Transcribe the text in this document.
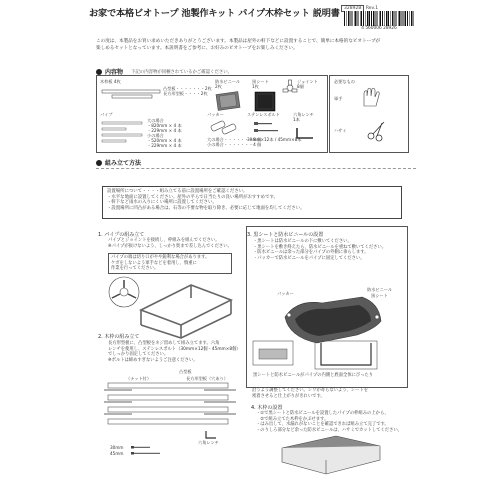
お家で本格ビオトープ 池製作キット パイプ木枠セット 説明書 32892B Rev.1
4 560006 28926
この度は、本製品をお買い求めいただきありがとうございます。本製品は屋外の軒下などに設置することで、簡単に本格的なビオトープが
楽しめるセットとなっています。本説明書をご参考に、お好みのビオトープをお楽しみください。
内容物 下記の内容物が同梱されているかご確認ください。
木枠板 4枚
凸型板・・・・・・・2枚
長方形型板・・・・2枚
防水ビニール
2枚
黒シート
1枚
ジョイント
8個
パイプ
大の場合
・820mm × 4 本
・229mm × 4 本
小の場合
・520mm × 4 本
・229mm × 4 本
パッカー
大の場合・・・・・・・8 個
小の場合・・・・・・・4 個
ステンレスボルト
30mm×12本 / 45mm×8本
六角レンチ
1本
必要なもの
軍手
ハサミ
組み立て方法
設置場所について・・・・組み立てる前に設置場所をご確認ください。
・水平な地面に設置してください。屋外の平らで日当たりの良い場所がおすすめです。
・軒下など雨水の入りにくい場所に設置してください。
・設置場所に凹凸がある場合は、石等の不要な物を取り除き、必要に応じて地面を均してください。
1. パイプの組み立て
パイプとジョイントを接続し、枠組みを組んでください。
※パイプが抜けないよう、しっかり奥まで差し込んでください。
パイプの端は切り口がやや鋭利な場合があります。
ケガをしないよう軍手などを着用し、慎重に
作業を行ってください。
2. 木枠の組み立て
長方形型板に、凸型板をネジ留めして組み立てます。六角
レンチを使用し、ステンレスボルト（30mm×12個・45mm×8個）
でしっかり固定してください。
※ボルトは締めすぎないようご注意ください。
凸型板
（ナット付）	長方形型板（穴あり）
30mm
45mm
六角レンチ
3. 黒シートと防水ビニールの設置
・黒シートは防水ビニールの下に敷いてください。
・黒シートを敷き終えたら、防水ビニールを重ねて敷いてください。
・防水ビニールは余った部分をパイプの外側に垂らします。
・パッカーで防水ビニールをパイプに固定してください。
防水ビニール
黒シート
パッカー
黒シートと防水ビニールがパイプの内側と底面全体にぴったり
沿うよう調整してください。シワが寄らないよう、シートを
密着させると仕上がりがきれいです。
4. 木枠の設置
・①で黒シートと防水ビニールを設置したパイプの枠組みの上から、
　②で組み立てた木枠をかぶせます。
・はみ出して、水漏れがないことを確認できれば組み立て完了です。
・のりしろ部分など余った防水ビニールは、ハサミでカットしてください。
